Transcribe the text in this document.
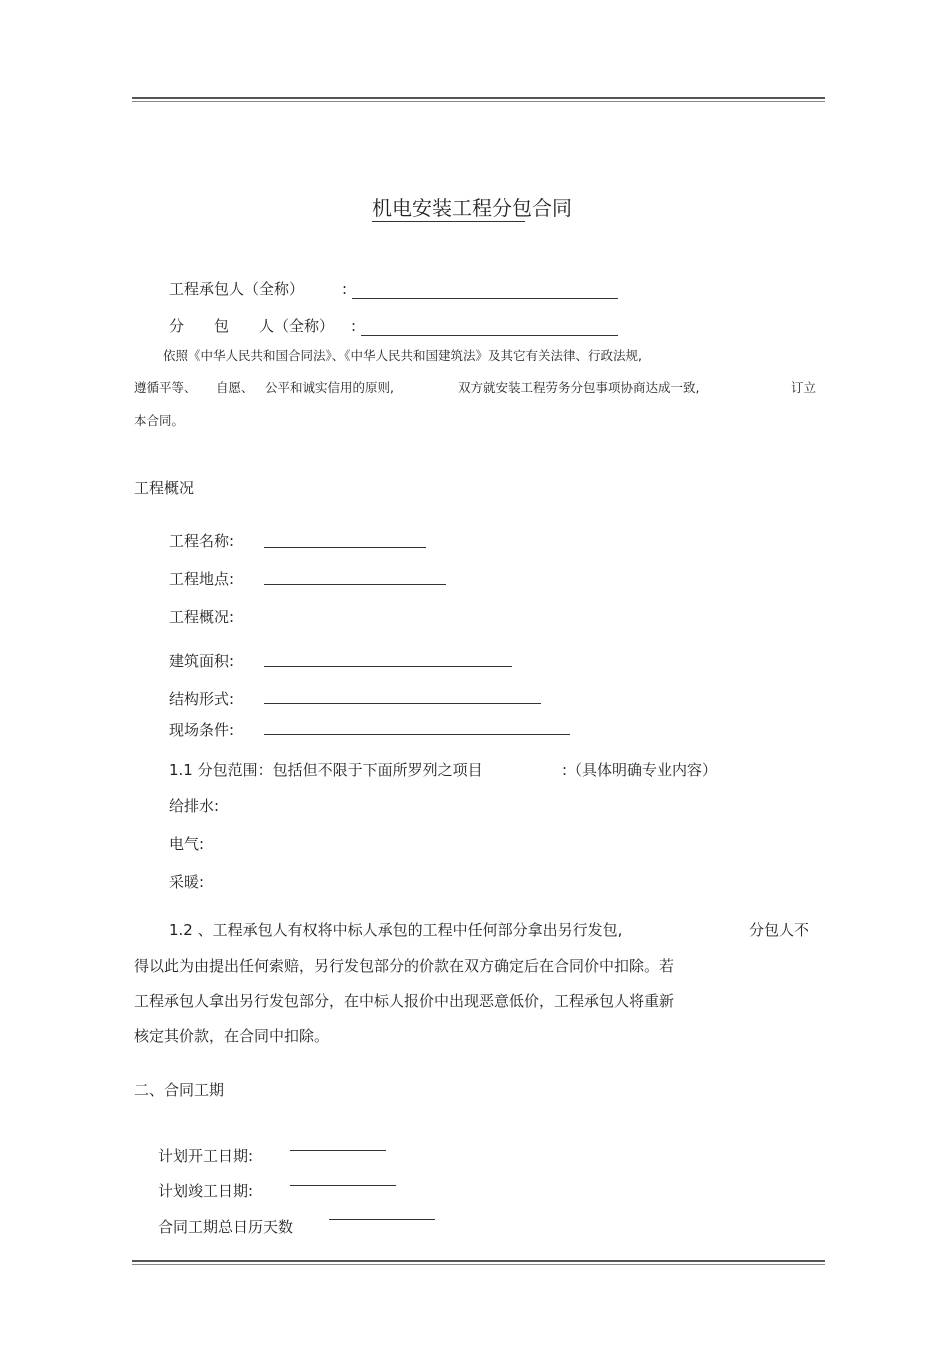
机电安装工程分包合同
工程承包人（全称）	:
分　　包　　人（全称） :
依照《中华人民共和国合同法》、《中华人民共和国建筑法》及其它有关法律、行政法规,
遵循平等、 自愿、 公平和诚实信用的原则,	双方就安装工程劳务分包事项协商达成一致,	订立
本合同。
工程概况
工程名称:
工程地点:
工程概况:
建筑面积:
结构形式:
现场条件:
1.1 分包范围：包括但不限于下面所罗列之项目	:（具体明确专业内容）
给排水:
电气:
采暖:
1.2 、工程承包人有权将中标人承包的工程中任何部分拿出另行发包,	分包人不
得以此为由提出任何索赔，另行发包部分的价款在双方确定后在合同价中扣除。若
工程承包人拿出另行发包部分，在中标人报价中出现恶意低价，工程承包人将重新
核定其价款，在合同中扣除。
二、合同工期
计划开工日期:
计划竣工日期:
合同工期总日历天数
